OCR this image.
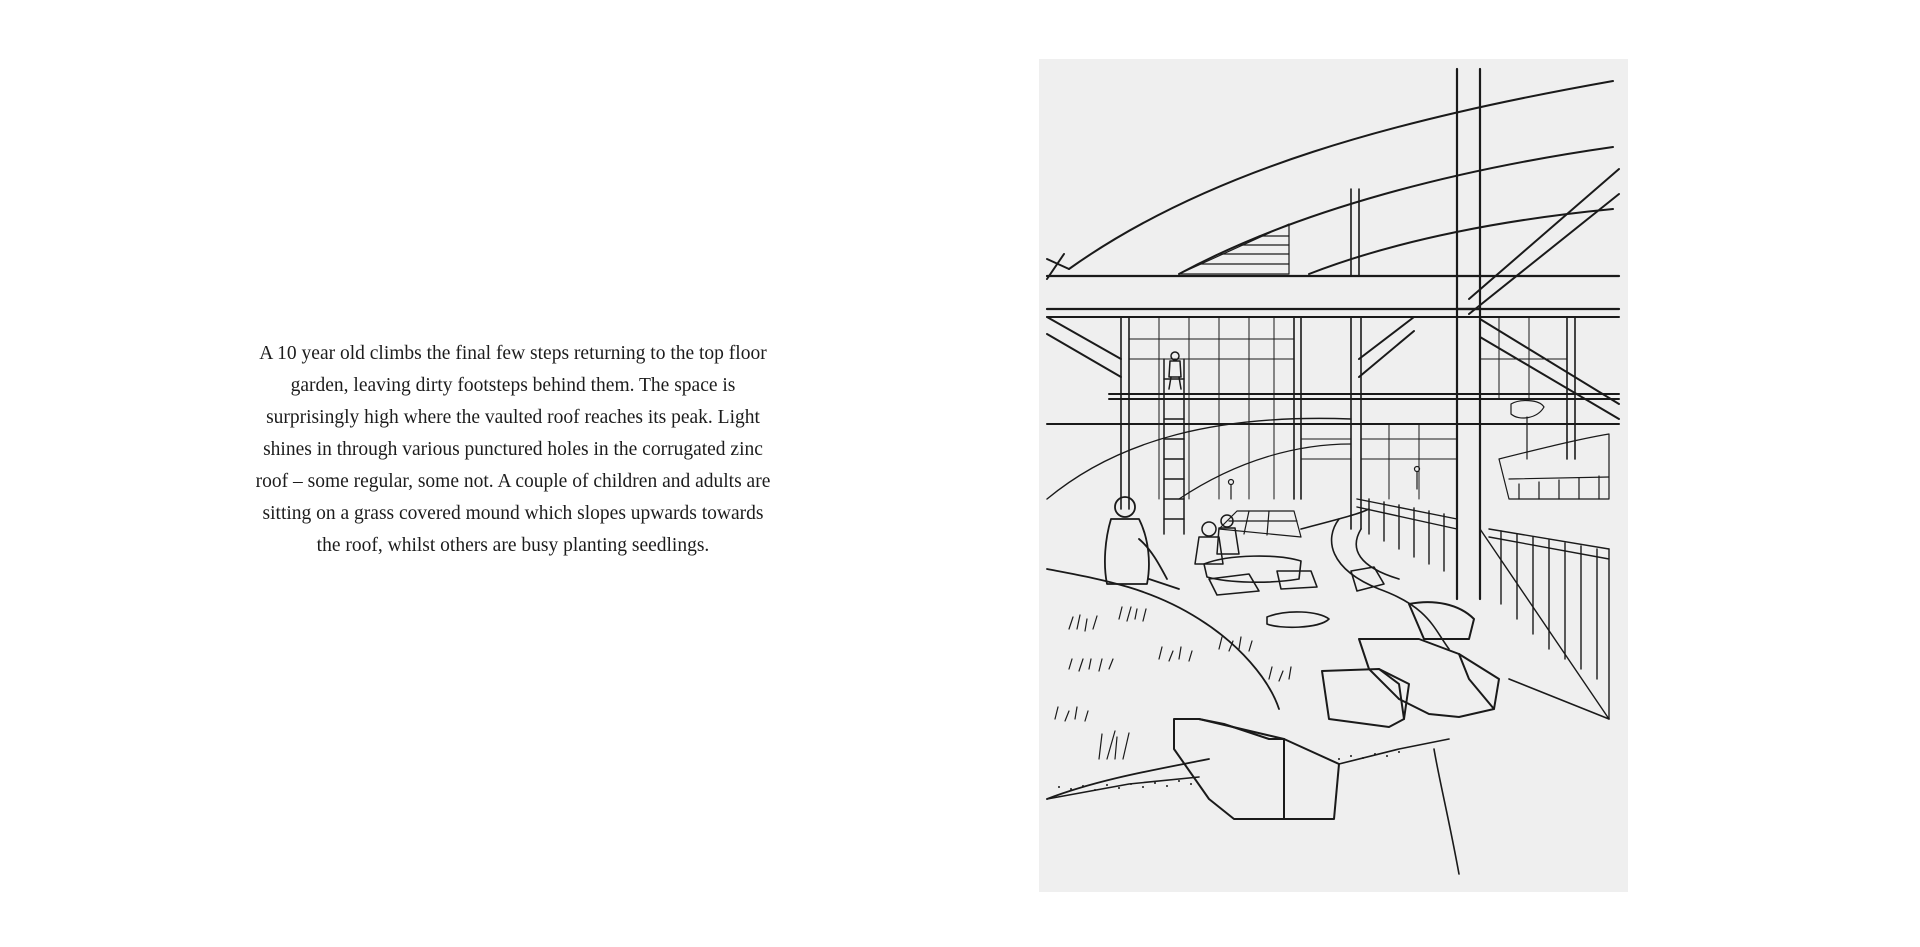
A 10 year old climbs the final few steps returning to the top floor garden, leaving dirty footsteps behind them. The space is surprisingly high where the vaulted roof reaches its peak. Light shines in through various punctured holes in the corrugated zinc roof – some regular, some not. A couple of children and adults are sitting on a grass covered mound which slopes upwards towards the roof, whilst others are busy planting seedlings.
